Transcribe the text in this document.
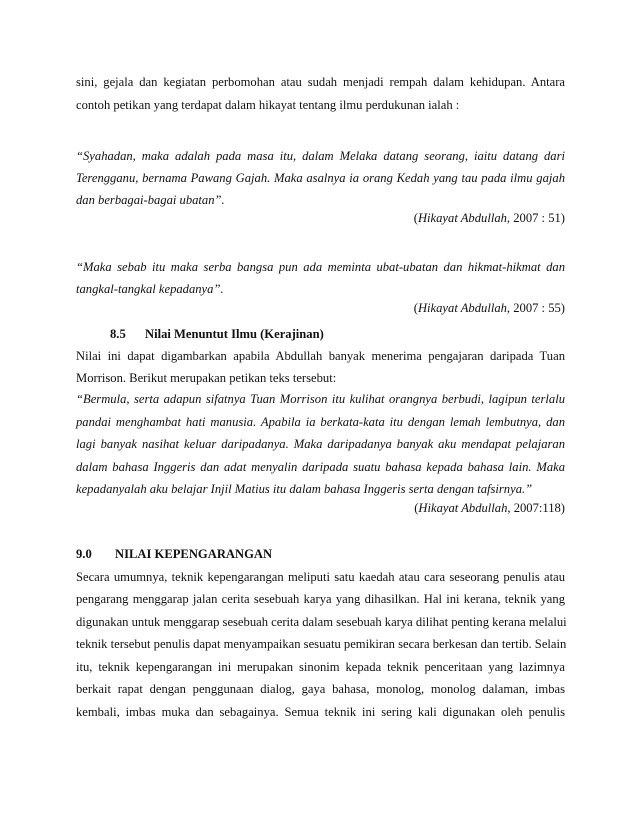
sini, gejala dan kegiatan perbomohan atau sudah menjadi rempah dalam kehidupan. Antara
contoh petikan yang terdapat dalam hikayat tentang ilmu perdukunan ialah :
“Syahadan, maka adalah pada masa itu, dalam Melaka datang seorang, iaitu datang dari
Terengganu, bernama Pawang Gajah. Maka asalnya ia orang Kedah yang tau pada ilmu gajah
dan berbagai-bagai ubatan”.
(Hikayat Abdullah, 2007 : 51)
“Maka sebab itu maka serba bangsa pun ada meminta ubat-ubatan dan hikmat-hikmat dan
tangkal-tangkal kepadanya”.
(Hikayat Abdullah, 2007 : 55)
8.5 Nilai Menuntut Ilmu (Kerajinan)
Nilai ini dapat digambarkan apabila Abdullah banyak menerima pengajaran daripada Tuan
Morrison. Berikut merupakan petikan teks tersebut:
“Bermula, serta adapun sifatnya Tuan Morrison itu kulihat orangnya berbudi, lagipun terlalu
pandai menghambat hati manusia. Apabila ia berkata-kata itu dengan lemah lembutnya, dan
lagi banyak nasihat keluar daripadanya. Maka daripadanya banyak aku mendapat pelajaran
dalam bahasa Inggeris dan adat menyalin daripada suatu bahasa kepada bahasa lain. Maka
kepadanyalah aku belajar Injil Matius itu dalam bahasa Inggeris serta dengan tafsirnya.”
(Hikayat Abdullah, 2007:118)
9.0 NILAI KEPENGARANGAN
Secara umumnya, teknik kepengarangan meliputi satu kaedah atau cara seseorang penulis atau
pengarang menggarap jalan cerita sesebuah karya yang dihasilkan. Hal ini kerana, teknik yang
digunakan untuk menggarap sesebuah cerita dalam sesebuah karya dilihat penting kerana melalui
teknik tersebut penulis dapat menyampaikan sesuatu pemikiran secara berkesan dan tertib. Selain
itu, teknik kepengarangan ini merupakan sinonim kepada teknik penceritaan yang lazimnya
berkait rapat dengan penggunaan dialog, gaya bahasa, monolog, monolog dalaman, imbas
kembali, imbas muka dan sebagainya. Semua teknik ini sering kali digunakan oleh penulis
